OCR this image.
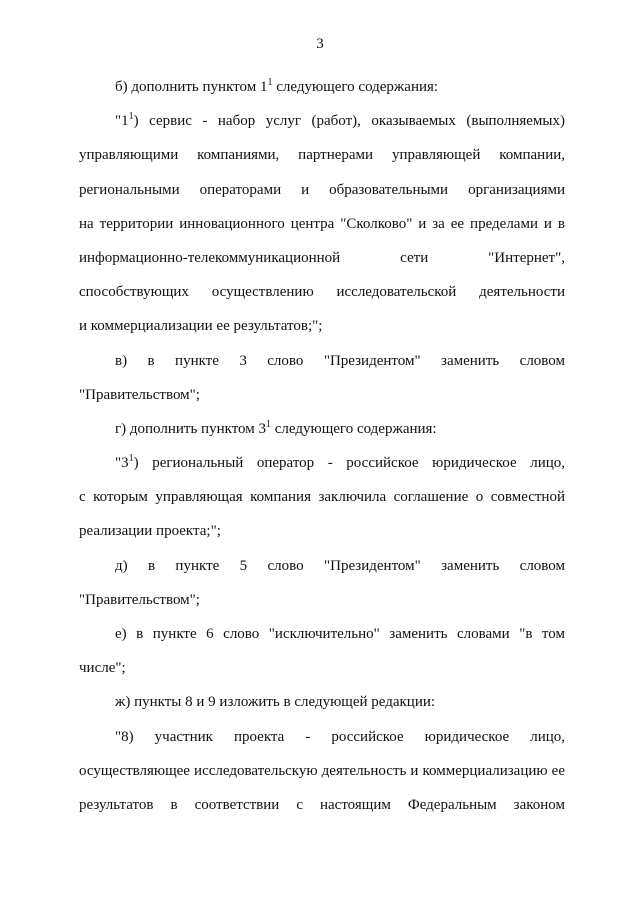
3
б) дополнить пунктом $1^1$ следующего содержания:
"$1^1$) сервис - набор услуг (работ), оказываемых (выполняемых)
управляющими компаниями, партнерами управляющей компании,
региональными операторами и образовательными организациями
на территории инновационного центра "Сколково" и за ее пределами и в
информационно-телекоммуникационной сети "Интернет",
способствующих осуществлению исследовательской деятельности
и коммерциализации ее результатов;";
в) в пункте 3 слово "Президентом" заменить словом
"Правительством";
г) дополнить пунктом $3^1$ следующего содержания:
"$3^1$) региональный оператор - российское юридическое лицо,
с которым управляющая компания заключила соглашение о совместной
реализации проекта;";
д) в пункте 5 слово "Президентом" заменить словом
"Правительством";
е) в пункте 6 слово "исключительно" заменить словами "в том
числе";
ж) пункты 8 и 9 изложить в следующей редакции:
"8) участник проекта - российское юридическое лицо,
осуществляющее исследовательскую деятельность и коммерциализацию ее
результатов в соответствии с настоящим Федеральным законом
